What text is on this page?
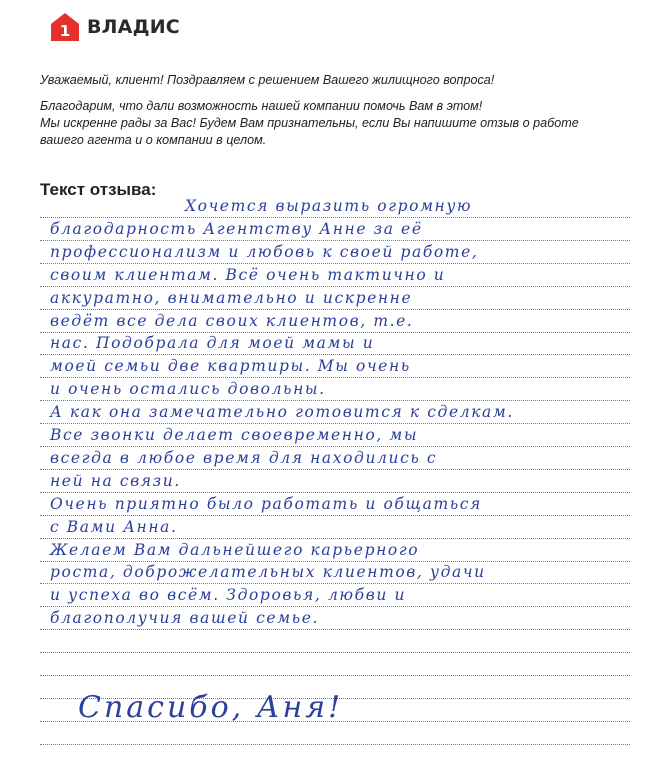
1 ВЛАДИС

Уважаемый, клиент! Поздравляем с решением Вашего жилищного вопроса!

Благодарим, что дали возможность нашей компании помочь Вам в этом!

Мы искренне рады за Вас! Будем Вам признательны, если Вы напишите отзыв о работе

вашего агента и о компании в целом.

Текст отзыва:
Хочется выразить огромную
благодарность Агентству Анне за её
профессионализм и любовь к своей работе,
своим клиентам. Всё очень тактично и
аккуратно, внимательно и искренне
ведёт все дела своих клиентов, т.е.
нас. Подобрала для моей мамы и
моей семьи две квартиры. Мы очень
и очень остались довольны.
А как она замечательно готовится к сделкам.
Все звонки делает своевременно, мы
всегда в любое время для находились с
ней на связи.
Очень приятно было работать и общаться
с Вами Анна.
Желаем Вам дальнейшего карьерного
роста, доброжелательных клиентов, удачи
и успеха во всём. Здоровья, любви и
благополучия вашей семье.
Спасибо, Аня!
